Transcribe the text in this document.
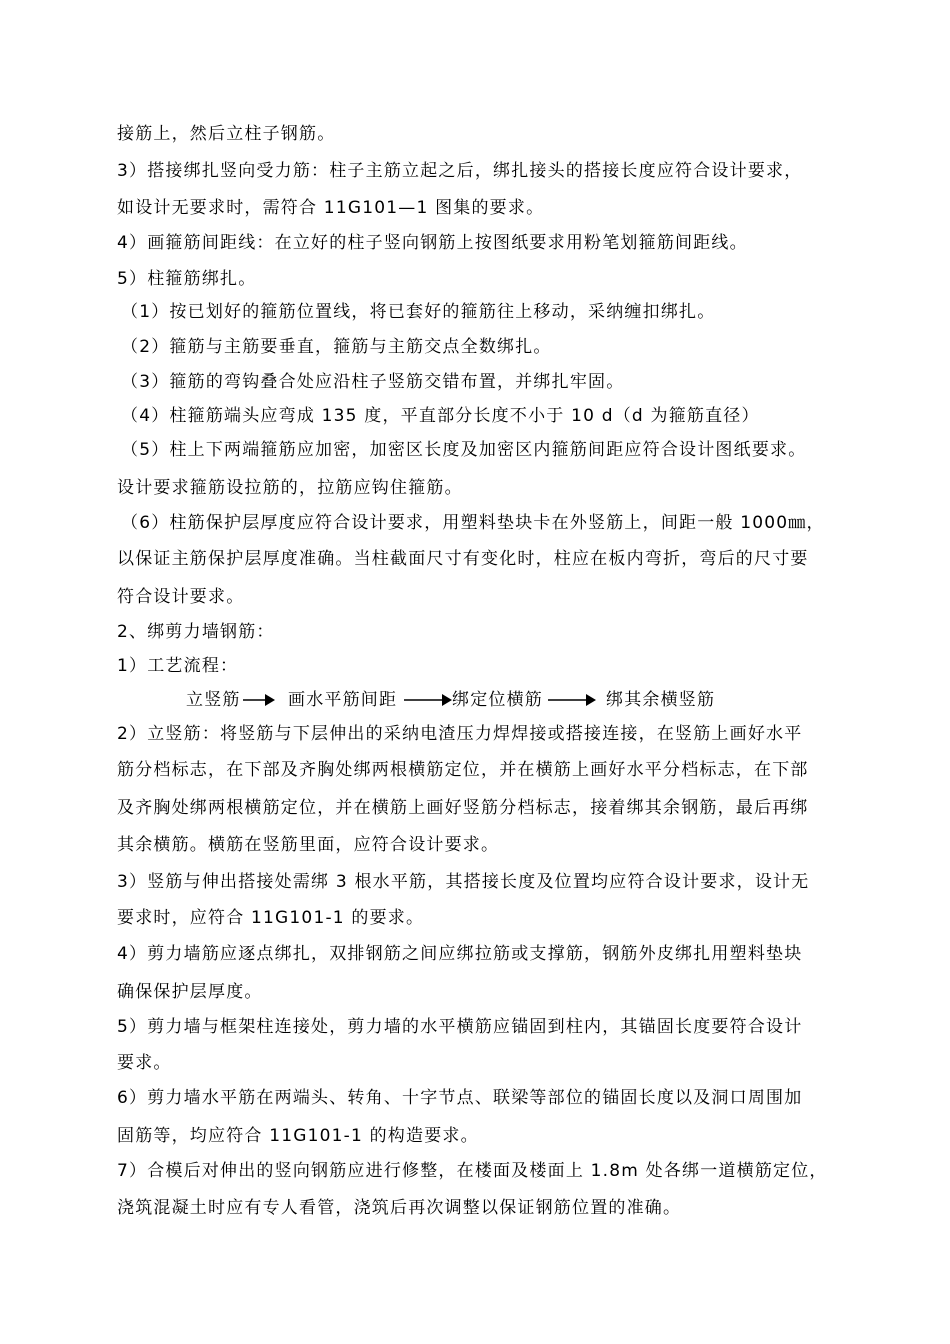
接筋上，然后立柱子钢筋。
3）搭接绑扎竖向受力筋：柱子主筋立起之后，绑扎接头的搭接长度应符合设计要求，
如设计无要求时，需符合 11G101—1 图集的要求。
4）画箍筋间距线：在立好的柱子竖向钢筋上按图纸要求用粉笔划箍筋间距线。
5）柱箍筋绑扎。
（1）按已划好的箍筋位置线，将已套好的箍筋往上移动，采纳缠扣绑扎。
（2）箍筋与主筋要垂直，箍筋与主筋交点全数绑扎。
（3）箍筋的弯钩叠合处应沿柱子竖筋交错布置，并绑扎牢固。
（4）柱箍筋端头应弯成 135 度，平直部分长度不小于 10 d（d 为箍筋直径）
（5）柱上下两端箍筋应加密，加密区长度及加密区内箍筋间距应符合设计图纸要求。
设计要求箍筋设拉筋的，拉筋应钩住箍筋。
（6）柱筋保护层厚度应符合设计要求，用塑料垫块卡在外竖筋上，间距一般 1000㎜，
以保证主筋保护层厚度准确。当柱截面尺寸有变化时，柱应在板内弯折，弯后的尺寸要
符合设计要求。
2、绑剪力墙钢筋：
1）工艺流程：
立竖筋	画水平筋间距	绑定位横筋	绑其余横竖筋
2）立竖筋：将竖筋与下层伸出的采纳电渣压力焊焊接或搭接连接，在竖筋上画好水平
筋分档标志，在下部及齐胸处绑两根横筋定位，并在横筋上画好水平分档标志，在下部
及齐胸处绑两根横筋定位，并在横筋上画好竖筋分档标志，接着绑其余钢筋，最后再绑
其余横筋。横筋在竖筋里面，应符合设计要求。
3）竖筋与伸出搭接处需绑 3 根水平筋，其搭接长度及位置均应符合设计要求，设计无
要求时，应符合 11G101-1 的要求。
4）剪力墙筋应逐点绑扎，双排钢筋之间应绑拉筋或支撑筋，钢筋外皮绑扎用塑料垫块
确保保护层厚度。
5）剪力墙与框架柱连接处，剪力墙的水平横筋应锚固到柱内，其锚固长度要符合设计
要求。
6）剪力墙水平筋在两端头、转角、十字节点、联梁等部位的锚固长度以及洞口周围加
固筋等，均应符合 11G101-1 的构造要求。
7）合模后对伸出的竖向钢筋应进行修整，在楼面及楼面上 1.8m 处各绑一道横筋定位，
浇筑混凝土时应有专人看管，浇筑后再次调整以保证钢筋位置的准确。
